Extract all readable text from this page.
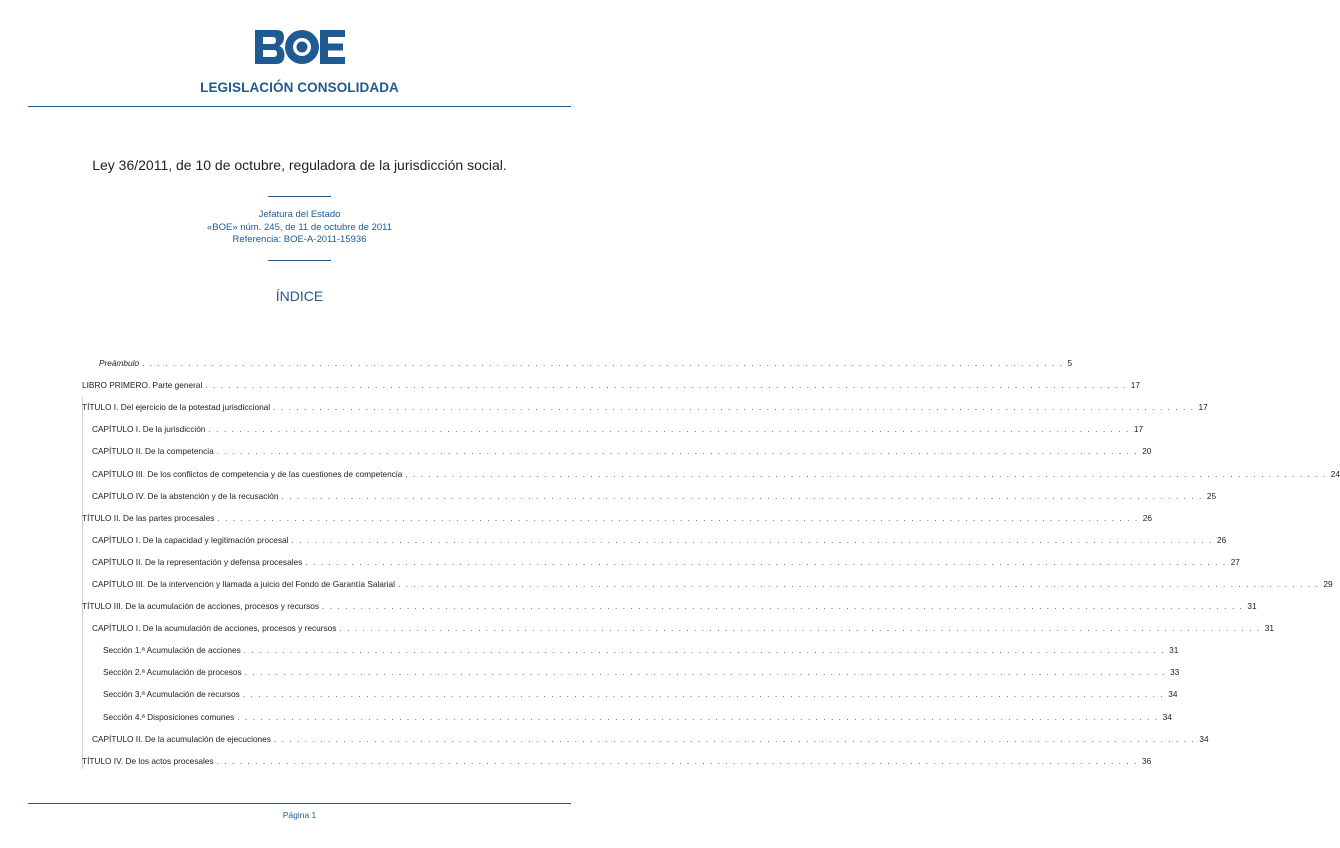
LEGISLACIÓN CONSOLIDADA
Ley 36/2011, de 10 de octubre, reguladora de la jurisdicción social.
Jefatura del Estado
«BOE» núm. 245, de 11 de octubre de 2011
Referencia: BOE-A-2011-15936
ÍNDICE
Preámbulo . . . . . . . . . . . . . . . . . . . . . . . . . . . . . . . . . . . . . . . . . . . . . . . . . . . . . . . . . . . . . . . . . . . . . . . . . . . . . . . . . . . . . . . . . . . . . . . . . . . . . . . . . . . . . . . . . . . . . . . . 5
LIBRO PRIMERO. Parte general . . . . . . . . . . . . . . . . . . . . . . . . . . . . . . . . . . . . . . . . . . . . . . . . . . . . . . . . . . . . . . . . . . . . . . . . . . . . . . . . . . . . . . . . . . . . . . . . . . . . . . . . . . . . . . . . . . . . . . . . 17
TÍTULO I. Del ejercicio de la potestad jurisdiccional . . . . . . . . . . . . . . . . . . . . . . . . . . . . . . . . . . . . . . . . . . . . . . . . . . . . . . . . . . . . . . . . . . . . . . . . . . . . . . . . . . . . . . . . . . . . . . . . . . . . . . . . . . . . . . . . . . . . . . . . 17
CAPÍTULO I. De la jurisdicción . . . . . . . . . . . . . . . . . . . . . . . . . . . . . . . . . . . . . . . . . . . . . . . . . . . . . . . . . . . . . . . . . . . . . . . . . . . . . . . . . . . . . . . . . . . . . . . . . . . . . . . . . . . . . . . . . . . . . . . . 17
CAPÍTULO II. De la competencia . . . . . . . . . . . . . . . . . . . . . . . . . . . . . . . . . . . . . . . . . . . . . . . . . . . . . . . . . . . . . . . . . . . . . . . . . . . . . . . . . . . . . . . . . . . . . . . . . . . . . . . . . . . . . . . . . . . . . . . . 20
CAPÍTULO III. De los conflictos de competencia y de las cuestiones de competencia . . . . . . . . . . . . . . . . . . . . . . . . . . . . . . . . . . . . . . . . . . . . . . . . . . . . . . . . . . . . . . . . . . . . . . . . . . . . . . . . . . . . . . . . . . . . . . . . . . . . . . . . . . . . . . . . . . . . . . . . 24
CAPÍTULO IV. De la abstención y de la recusación . . . . . . . . . . . . . . . . . . . . . . . . . . . . . . . . . . . . . . . . . . . . . . . . . . . . . . . . . . . . . . . . . . . . . . . . . . . . . . . . . . . . . . . . . . . . . . . . . . . . . . . . . . . . . . . . . . . . . . . . 25
TÍTULO II. De las partes procesales . . . . . . . . . . . . . . . . . . . . . . . . . . . . . . . . . . . . . . . . . . . . . . . . . . . . . . . . . . . . . . . . . . . . . . . . . . . . . . . . . . . . . . . . . . . . . . . . . . . . . . . . . . . . . . . . . . . . . . . . 26
CAPÍTULO I. De la capacidad y legitimación procesal . . . . . . . . . . . . . . . . . . . . . . . . . . . . . . . . . . . . . . . . . . . . . . . . . . . . . . . . . . . . . . . . . . . . . . . . . . . . . . . . . . . . . . . . . . . . . . . . . . . . . . . . . . . . . . . . . . . . . . . . 26
CAPÍTULO II. De la representación y defensa procesales . . . . . . . . . . . . . . . . . . . . . . . . . . . . . . . . . . . . . . . . . . . . . . . . . . . . . . . . . . . . . . . . . . . . . . . . . . . . . . . . . . . . . . . . . . . . . . . . . . . . . . . . . . . . . . . . . . . . . . . . 27
CAPÍTULO III. De la intervención y llamada a juicio del Fondo de Garantía Salarial . . . . . . . . . . . . . . . . . . . . . . . . . . . . . . . . . . . . . . . . . . . . . . . . . . . . . . . . . . . . . . . . . . . . . . . . . . . . . . . . . . . . . . . . . . . . . . . . . . . . . . . . . . . . . . . . . . . . . . . . 29
TÍTULO III. De la acumulación de acciones, procesos y recursos . . . . . . . . . . . . . . . . . . . . . . . . . . . . . . . . . . . . . . . . . . . . . . . . . . . . . . . . . . . . . . . . . . . . . . . . . . . . . . . . . . . . . . . . . . . . . . . . . . . . . . . . . . . . . . . . . . . . . . . . 31
CAPÍTULO I. De la acumulación de acciones, procesos y recursos . . . . . . . . . . . . . . . . . . . . . . . . . . . . . . . . . . . . . . . . . . . . . . . . . . . . . . . . . . . . . . . . . . . . . . . . . . . . . . . . . . . . . . . . . . . . . . . . . . . . . . . . . . . . . . . . . . . . . . . . 31
Sección 1.ª Acumulación de acciones . . . . . . . . . . . . . . . . . . . . . . . . . . . . . . . . . . . . . . . . . . . . . . . . . . . . . . . . . . . . . . . . . . . . . . . . . . . . . . . . . . . . . . . . . . . . . . . . . . . . . . . . . . . . . . . . . . . . . . . . 31
Sección 2.ª Acumulación de procesos . . . . . . . . . . . . . . . . . . . . . . . . . . . . . . . . . . . . . . . . . . . . . . . . . . . . . . . . . . . . . . . . . . . . . . . . . . . . . . . . . . . . . . . . . . . . . . . . . . . . . . . . . . . . . . . . . . . . . . . . 33
Sección 3.ª Acumulación de recursos . . . . . . . . . . . . . . . . . . . . . . . . . . . . . . . . . . . . . . . . . . . . . . . . . . . . . . . . . . . . . . . . . . . . . . . . . . . . . . . . . . . . . . . . . . . . . . . . . . . . . . . . . . . . . . . . . . . . . . . . 34
Sección 4.ª Disposiciones comunes . . . . . . . . . . . . . . . . . . . . . . . . . . . . . . . . . . . . . . . . . . . . . . . . . . . . . . . . . . . . . . . . . . . . . . . . . . . . . . . . . . . . . . . . . . . . . . . . . . . . . . . . . . . . . . . . . . . . . . . . 34
CAPÍTULO II. De la acumulación de ejecuciones . . . . . . . . . . . . . . . . . . . . . . . . . . . . . . . . . . . . . . . . . . . . . . . . . . . . . . . . . . . . . . . . . . . . . . . . . . . . . . . . . . . . . . . . . . . . . . . . . . . . . . . . . . . . . . . . . . . . . . . . 34
TÍTULO IV. De los actos procesales . . . . . . . . . . . . . . . . . . . . . . . . . . . . . . . . . . . . . . . . . . . . . . . . . . . . . . . . . . . . . . . . . . . . . . . . . . . . . . . . . . . . . . . . . . . . . . . . . . . . . . . . . . . . . . . . . . . . . . . . 36
Página 1
